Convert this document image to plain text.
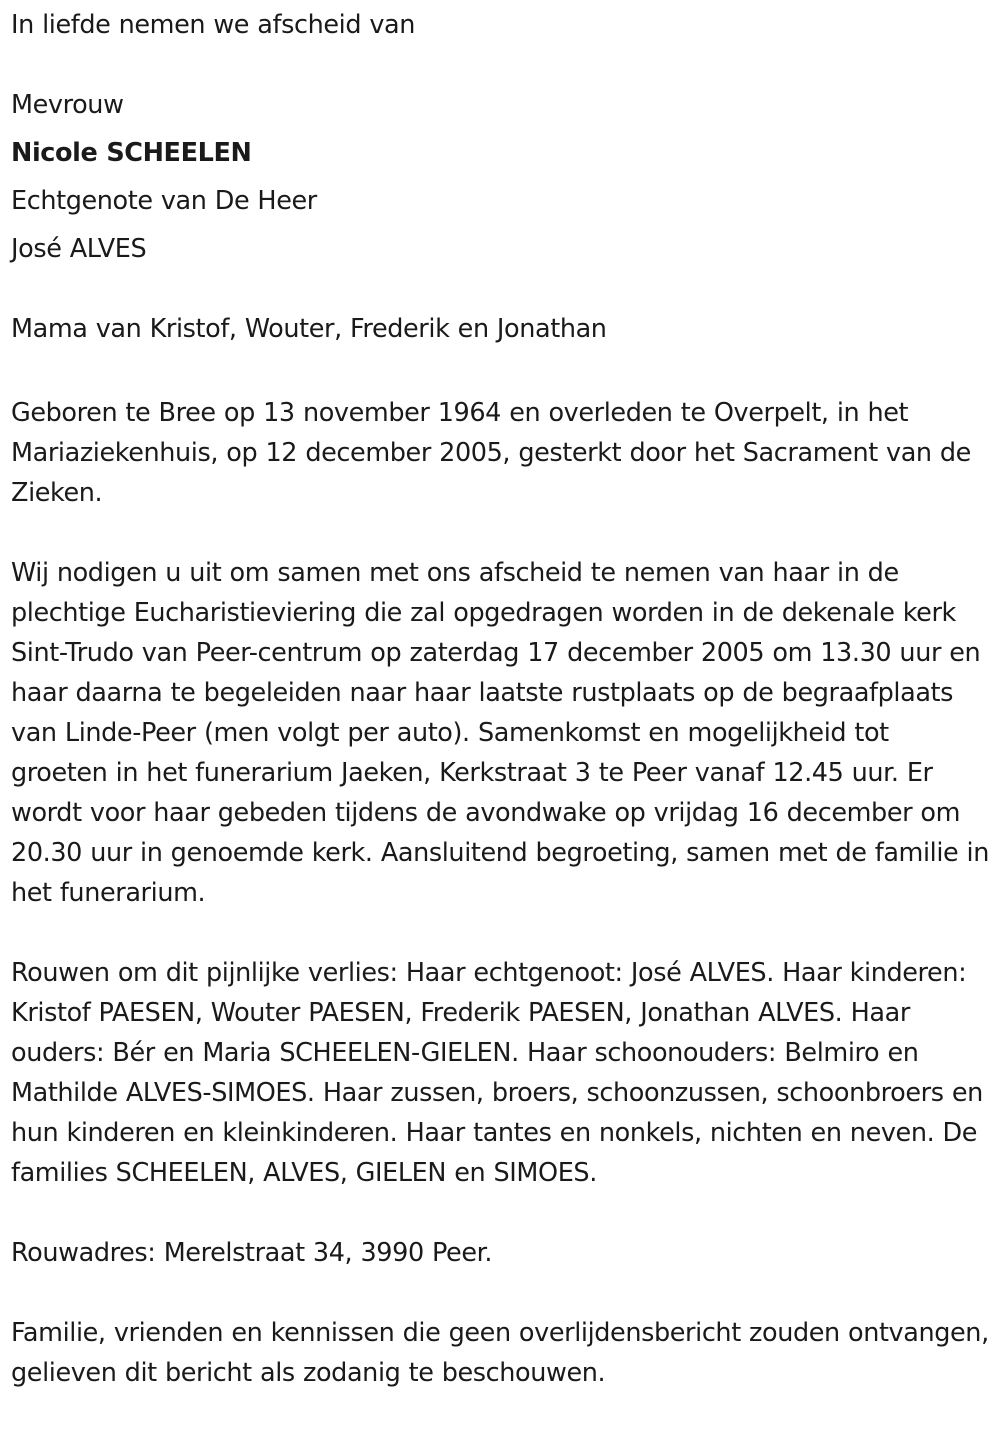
In liefde nemen we afscheid van
Mevrouw
Nicole SCHEELEN
Echtgenote van De Heer
José ALVES
Mama van Kristof, Wouter, Frederik en Jonathan

Geboren te Bree op 13 november 1964 en overleden te Overpelt, in het Mariaziekenhuis, op 12 december 2005, gesterkt door het Sacrament van de Zieken.

Wij nodigen u uit om samen met ons afscheid te nemen van haar in de plechtige Eucharistieviering die zal opgedragen worden in de dekenale kerk Sint-Trudo van Peer-centrum op zaterdag 17 december 2005 om 13.30 uur en haar daarna te begeleiden naar haar laatste rustplaats op de begraafplaats van Linde-Peer (men volgt per auto). Samenkomst en mogelijkheid tot groeten in het funerarium Jaeken, Kerkstraat 3 te Peer vanaf 12.45 uur. Er wordt voor haar gebeden tijdens de avondwake op vrijdag 16 december om 20.30 uur in genoemde kerk. Aansluitend begroeting, samen met de familie in het funerarium.

Rouwen om dit pijnlijke verlies: Haar echtgenoot: José ALVES. Haar kinderen: Kristof PAESEN, Wouter PAESEN, Frederik PAESEN, Jonathan ALVES. Haar ouders: Bér en Maria SCHEELEN-GIELEN. Haar schoonouders: Belmiro en Mathilde ALVES-SIMOES. Haar zussen, broers, schoonzussen, schoonbroers en hun kinderen en kleinkinderen. Haar tantes en nonkels, nichten en neven. De families SCHEELEN, ALVES, GIELEN en SIMOES.

Rouwadres: Merelstraat 34, 3990 Peer.

Familie, vrienden en kennissen die geen overlijdensbericht zouden ontvangen, gelieven dit bericht als zodanig te beschouwen.
